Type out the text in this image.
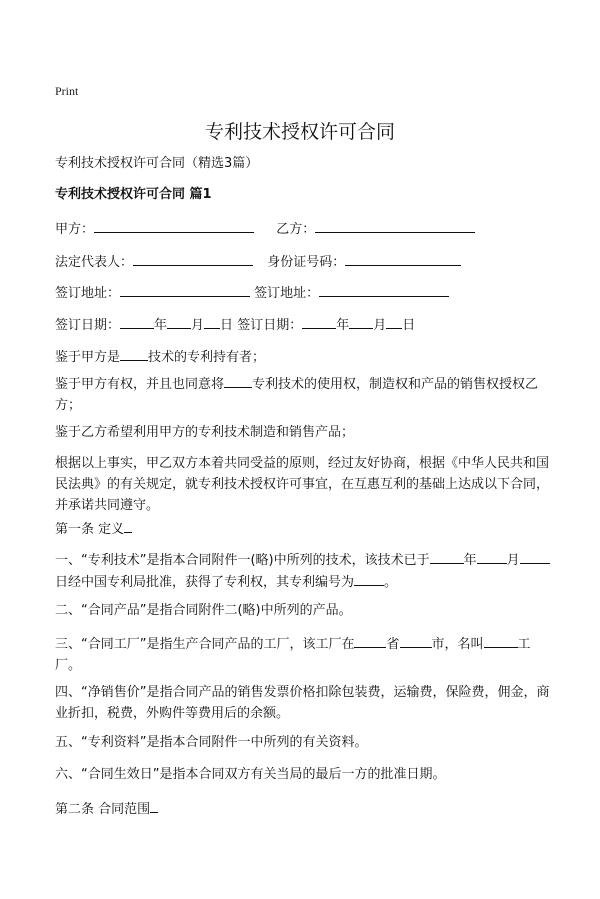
Print
专利技术授权许可合同
专利技术授权许可合同（精选3篇）
专利技术授权许可合同 篇1
甲方：	乙方：
法定代表人：	身份证号码：
签订地址：	签订地址：
签订日期：	年 月 日 签订日期：	年 月 日
鉴于甲方是 技术的专利持有者；
鉴于甲方有权，并且也同意将 专利技术的使用权，制造权和产品的销售权授权乙方；
鉴于乙方希望利用甲方的专利技术制造和销售产品；
根据以上事实，甲乙双方本着共同受益的原则，经过友好协商，根据《中华人民共和国民法典》的有关规定，就专利技术授权许可事宜，在互惠互利的基础上达成以下合同，并承诺共同遵守。
第一条 定义
一、“专利技术”是指本合同附件一(略)中所列的技术，该技术已于	年 月日经中国专利局批准，获得了专利权，其专利编号为 。
二、“合同产品”是指合同附件二(略)中所列的产品。
三、“合同工厂”是指生产合同产品的工厂，该工厂在 省 市，名叫	工厂。
四、“净销售价”是指合同产品的销售发票价格扣除包装费，运输费，保险费，佣金，商业折扣，税费，外购件等费用后的余额。
五、“专利资料”是指本合同附件一中所列的有关资料。
六、“合同生效日”是指本合同双方有关当局的最后一方的批准日期。
第二条 合同范围
